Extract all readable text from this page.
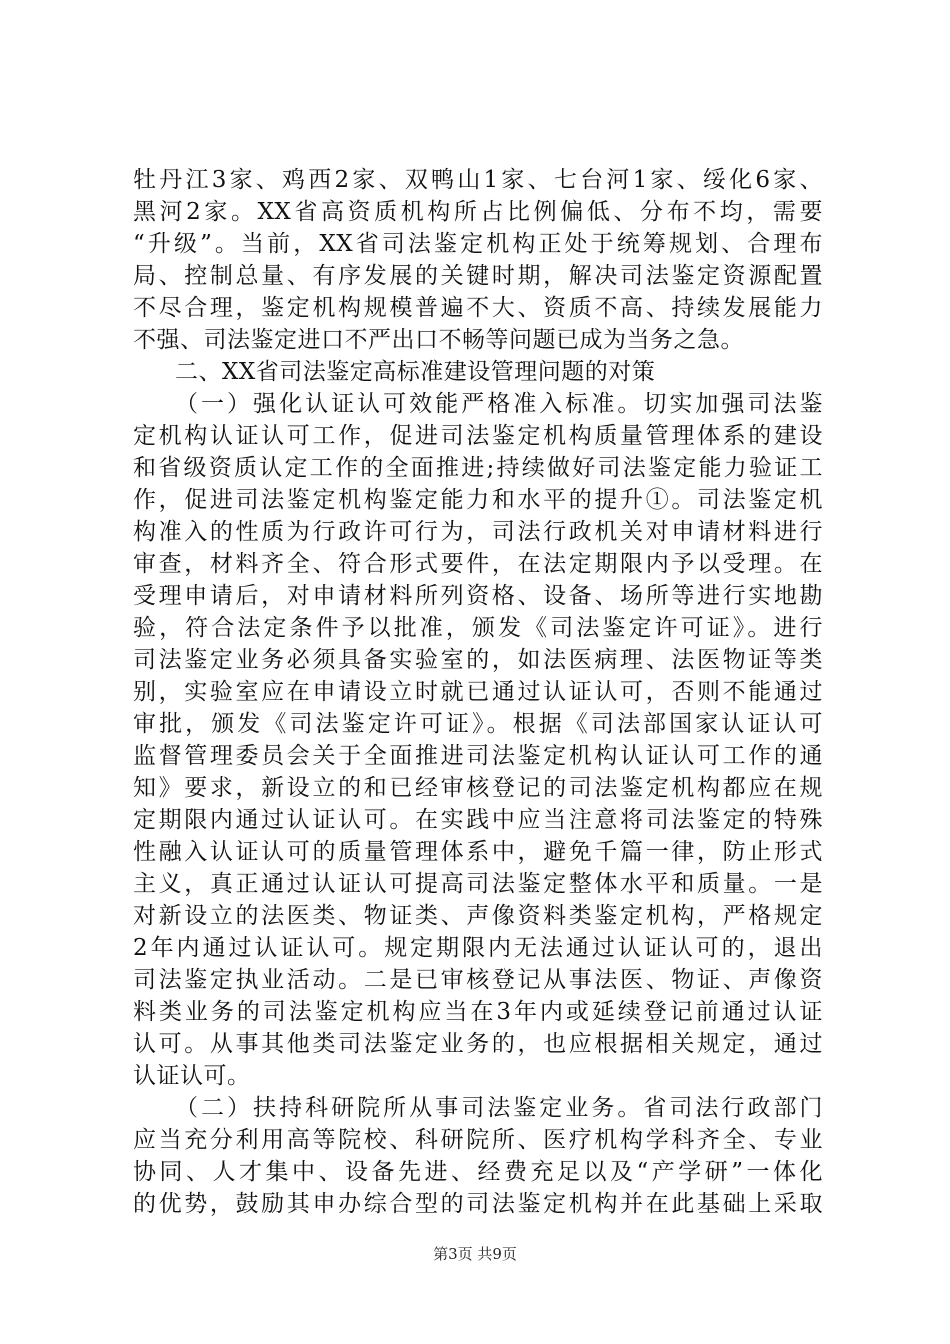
牡丹江3家、鸡西2家、双鸭山1家、七台河1家、绥化6家、
黑河2家。XX省高资质机构所占比例偏低、分布不均，需要
“升级”。当前，XX省司法鉴定机构正处于统筹规划、合理布
局、控制总量、有序发展的关键时期，解决司法鉴定资源配置
不尽合理，鉴定机构规模普遍不大、资质不高、持续发展能力
不强、司法鉴定进口不严出口不畅等问题已成为当务之急。
二、XX省司法鉴定高标准建设管理问题的对策
（一）强化认证认可效能严格准入标准。切实加强司法鉴
定机构认证认可工作，促进司法鉴定机构质量管理体系的建设
和省级资质认定工作的全面推进;持续做好司法鉴定能力验证工
作，促进司法鉴定机构鉴定能力和水平的提升①。司法鉴定机
构准入的性质为行政许可行为，司法行政机关对申请材料进行
审查，材料齐全、符合形式要件，在法定期限内予以受理。在
受理申请后，对申请材料所列资格、设备、场所等进行实地勘
验，符合法定条件予以批准，颁发《司法鉴定许可证》。进行
司法鉴定业务必须具备实验室的，如法医病理、法医物证等类
别，实验室应在申请设立时就已通过认证认可，否则不能通过
审批，颁发《司法鉴定许可证》。根据《司法部国家认证认可
监督管理委员会关于全面推进司法鉴定机构认证认可工作的通
知》要求，新设立的和已经审核登记的司法鉴定机构都应在规
定期限内通过认证认可。在实践中应当注意将司法鉴定的特殊
性融入认证认可的质量管理体系中，避免千篇一律，防止形式
主义，真正通过认证认可提高司法鉴定整体水平和质量。一是
对新设立的法医类、物证类、声像资料类鉴定机构，严格规定
2年内通过认证认可。规定期限内无法通过认证认可的，退出
司法鉴定执业活动。二是已审核登记从事法医、物证、声像资
料类业务的司法鉴定机构应当在3年内或延续登记前通过认证
认可。从事其他类司法鉴定业务的，也应根据相关规定，通过
认证认可。
（二）扶持科研院所从事司法鉴定业务。省司法行政部门
应当充分利用高等院校、科研院所、医疗机构学科齐全、专业
协同、人才集中、设备先进、经费充足以及“产学研”一体化
的优势，鼓励其申办综合型的司法鉴定机构并在此基础上采取
第3页 共9页
